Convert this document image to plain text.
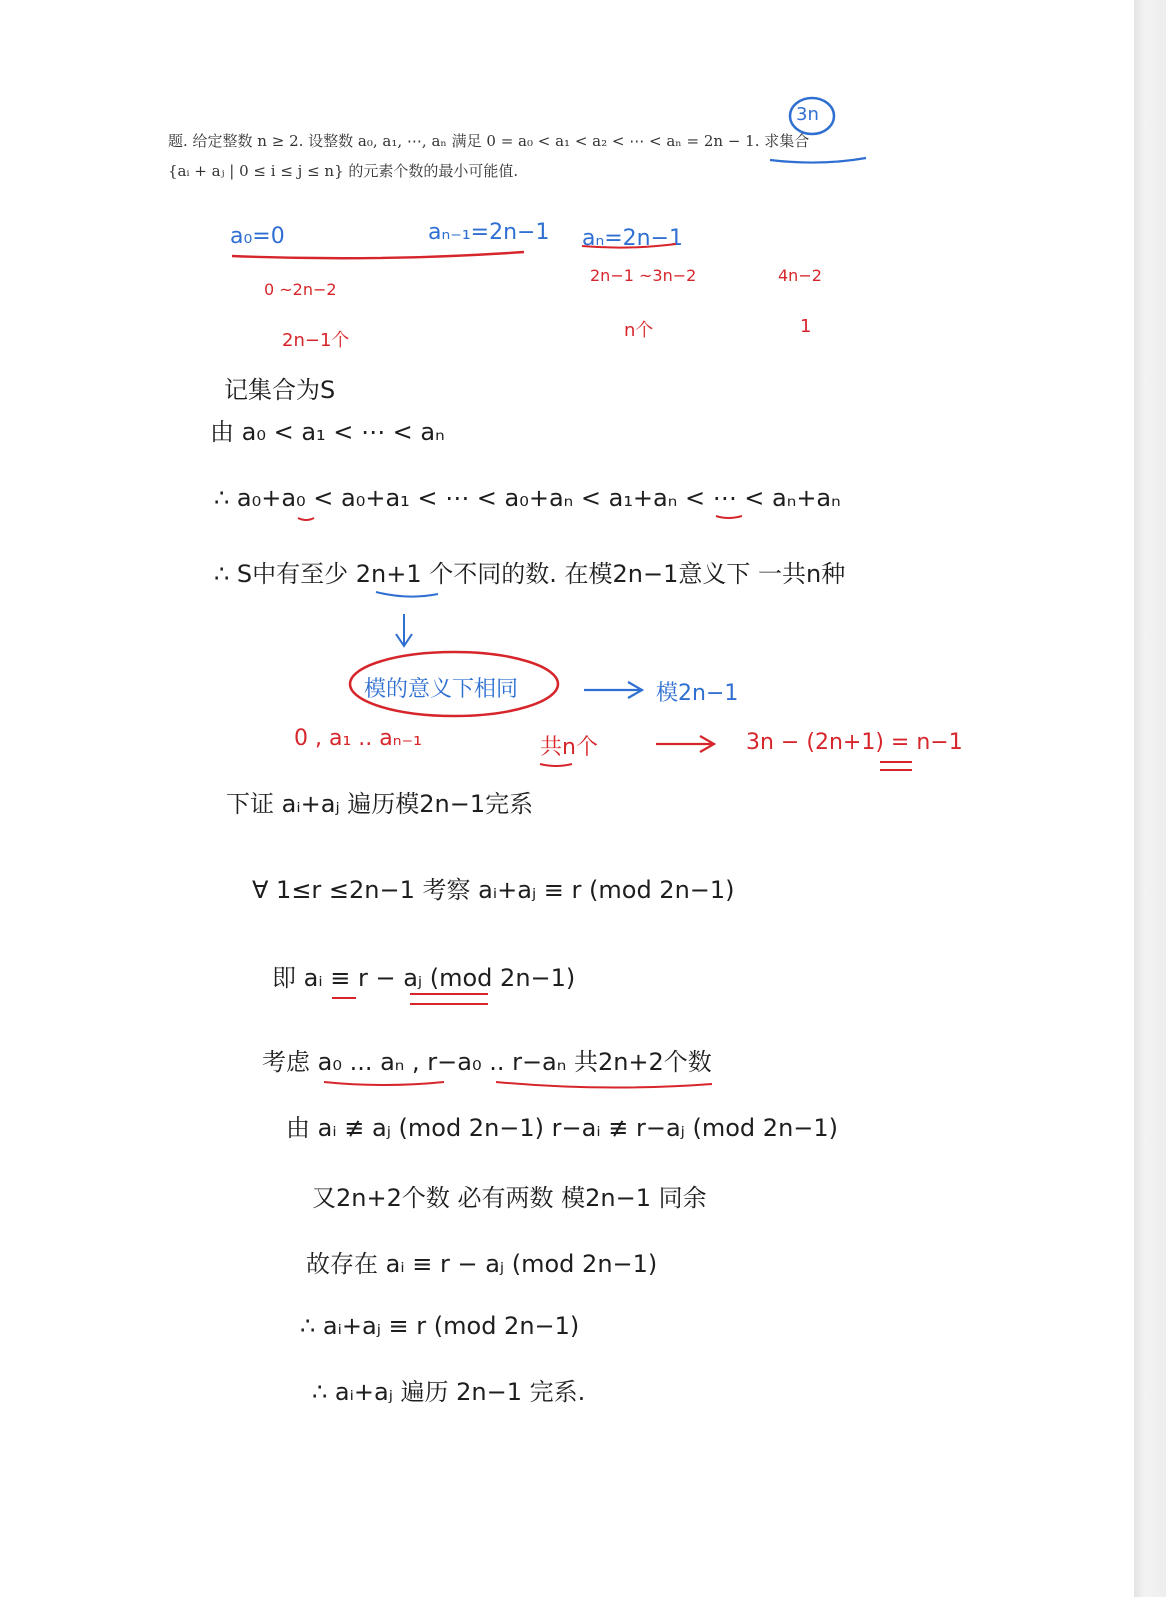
题. 给定整数 n ≥ 2. 设整数 a₀, a₁, ⋯, aₙ 满足 0 = a₀ < a₁ < a₂ < ⋯ < aₙ = 2n − 1. 求集合
{aᵢ + aⱼ | 0 ≤ i ≤ j ≤ n} 的元素个数的最小可能值.
3n
a₀=0	aₙ₋₁=2n−1 aₙ=2n−1
0 ~2n−2
2n−1 ~3n−2	4n−2
2n−1个	n个	1
记集合为S
由 a₀ < a₁ < ⋯ < aₙ
∴ a₀+a₀ < a₀+a₁ < ⋯ < a₀+aₙ < a₁+aₙ < ⋯ < aₙ+aₙ
∴ S中有至少 2n+1 个不同的数. 在模2n−1意义下 一共n种
模的意义下相同	模2n−1
0 , a₁ .. aₙ₋₁	共n个	3n − (2n+1) = n−1
下证 aᵢ+aⱼ 遍历模2n−1完系
∀ 1≤r ≤2n−1 考察 aᵢ+aⱼ ≡ r (mod 2n−1)
即 aᵢ ≡ r − aⱼ (mod 2n−1)
考虑 a₀ ... aₙ , r−a₀ .. r−aₙ 共2n+2个数
由 aᵢ ≢ aⱼ (mod 2n−1) r−aᵢ ≢ r−aⱼ (mod 2n−1)
又2n+2个数 必有两数 模2n−1 同余
故存在 aᵢ ≡ r − aⱼ (mod 2n−1)
∴ aᵢ+aⱼ ≡ r (mod 2n−1)
∴ aᵢ+aⱼ 遍历 2n−1 完系.
